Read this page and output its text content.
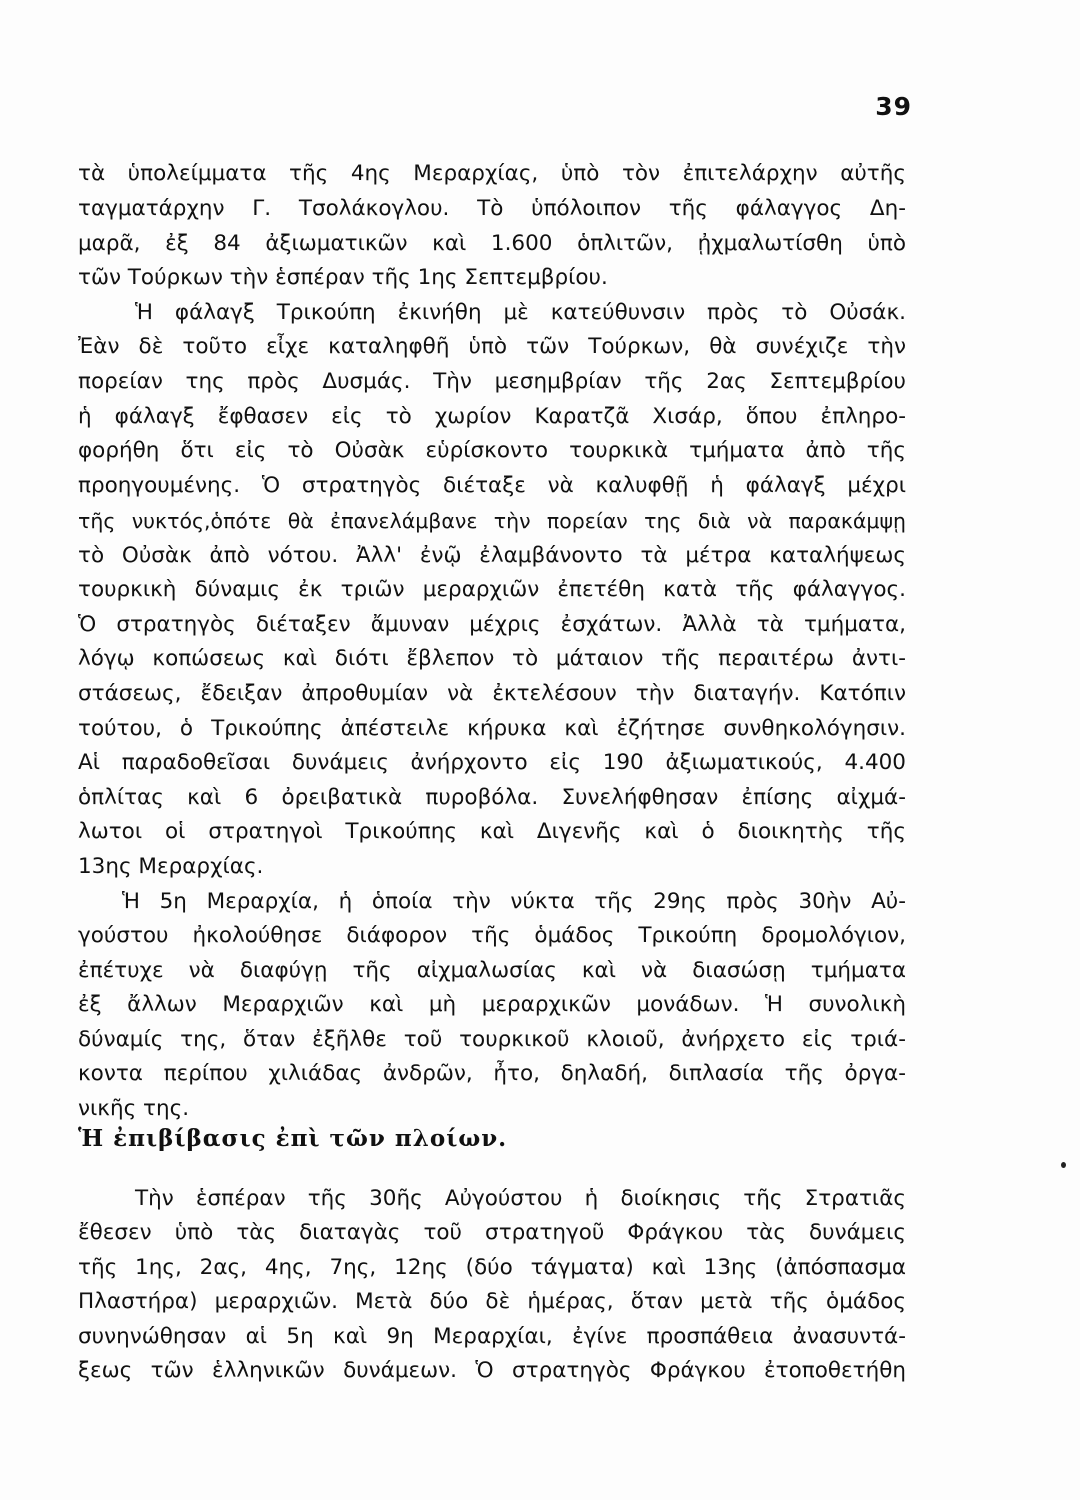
39
τὰ ὑπολείμματα τῆς 4ης Μεραρχίας, ὑπὸ τὸν ἐπιτελάρχην αὐτῆς
ταγματάρχην Γ. Τσολάκογλου. Τὸ ὑπόλοιπον τῆς φάλαγγος Δη-
μαρᾶ, ἐξ 84 ἀξιωματικῶν καὶ 1.600 ὁπλιτῶν, ᾐχμαλωτίσθη ὑπὸ
τῶν Τούρκων τὴν ἑσπέραν τῆς 1ης Σεπτεμβρίου.
Ἡ φάλαγξ Τρικούπη ἐκινήθη μὲ κατεύθυνσιν πρὸς τὸ Οὐσάκ.
Ἐὰν δὲ τοῦτο εἶχε καταληφθῆ ὑπὸ τῶν Τούρκων, θὰ συνέχιζε τὴν
πορείαν της πρὸς Δυσμάς. Τὴν μεσημβρίαν τῆς 2ας Σεπτεμβρίου
ἡ φάλαγξ ἔφθασεν εἰς τὸ χωρίον Καρατζᾶ Χισάρ, ὅπου ἐπληρο-
φορήθη ὅτι εἰς τὸ Οὐσὰκ εὑρίσκοντο τουρκικὰ τμήματα ἀπὸ τῆς
προηγουμένης. Ὁ στρατηγὸς διέταξε νὰ καλυφθῇ ἡ φάλαγξ μέχρι
τῆς νυκτός,ὁπότε θὰ ἐπανελάμβανε τὴν πορείαν της διὰ νὰ παρακάμψῃ
τὸ Οὐσὰκ ἀπὸ νότου. Ἀλλ' ἐνῷ ἐλαμβάνοντο τὰ μέτρα καταλήψεως
τουρκικὴ δύναμις ἐκ τριῶν μεραρχιῶν ἐπετέθη κατὰ τῆς φάλαγγος.
Ὁ στρατηγὸς διέταξεν ἄμυναν μέχρις ἐσχάτων. Ἀλλὰ τὰ τμήματα,
λόγῳ κοπώσεως καὶ διότι ἔβλεπον τὸ μάταιον τῆς περαιτέρω ἀντι-
στάσεως, ἔδειξαν ἀπροθυμίαν νὰ ἐκτελέσουν τὴν διαταγήν. Κατόπιν
τούτου, ὁ Τρικούπης ἀπέστειλε κήρυκα καὶ ἐζήτησε συνθηκολόγησιν.
Αἱ παραδοθεῖσαι δυνάμεις ἀνήρχοντο εἰς 190 ἀξιωματικούς, 4.400
ὁπλίτας καὶ 6 ὀρειβατικὰ πυροβόλα. Συνελήφθησαν ἐπίσης αἰχμά-
λωτοι οἱ στρατηγοὶ Τρικούπης καὶ Διγενῆς καὶ ὁ διοικητὴς τῆς
13ης Μεραρχίας.
Ἡ 5η Μεραρχία, ἡ ὁποία τὴν νύκτα τῆς 29ης πρὸς 30ὴν Αὐ-
γούστου ἠκολούθησε διάφορον τῆς ὁμάδος Τρικούπη δρομολόγιον,
ἐπέτυχε νὰ διαφύγῃ τῆς αἰχμαλωσίας καὶ νὰ διασώσῃ τμήματα
ἐξ ἄλλων Μεραρχιῶν καὶ μὴ μεραρχικῶν μονάδων. Ἡ συνολικὴ
δύναμίς της, ὅταν ἐξῆλθε τοῦ τουρκικοῦ κλοιοῦ, ἀνήρχετο εἰς τριά-
κοντα περίπου χιλιάδας ἀνδρῶν, ἦτο, δηλαδή, διπλασία τῆς ὀργα-
νικῆς της.
Ἡ ἐπιβίβασις ἐπὶ τῶν πλοίων.
Τὴν ἑσπέραν τῆς 30ῆς Αὐγούστου ἡ διοίκησις τῆς Στρατιᾶς
ἔθεσεν ὑπὸ τὰς διαταγὰς τοῦ στρατηγοῦ Φράγκου τὰς δυνάμεις
τῆς 1ης, 2ας, 4ης, 7ης, 12ης (δύο τάγματα) καὶ 13ης (ἀπόσπασμα
Πλαστήρα) μεραρχιῶν. Μετὰ δύο δὲ ἡμέρας, ὅταν μετὰ τῆς ὁμάδος
συνηνώθησαν αἱ 5η καὶ 9η Μεραρχίαι, ἐγίνε προσπάθεια ἀνασυντά-
ξεως τῶν ἑλληνικῶν δυνάμεων. Ὁ στρατηγὸς Φράγκου ἐτοποθετήθη
